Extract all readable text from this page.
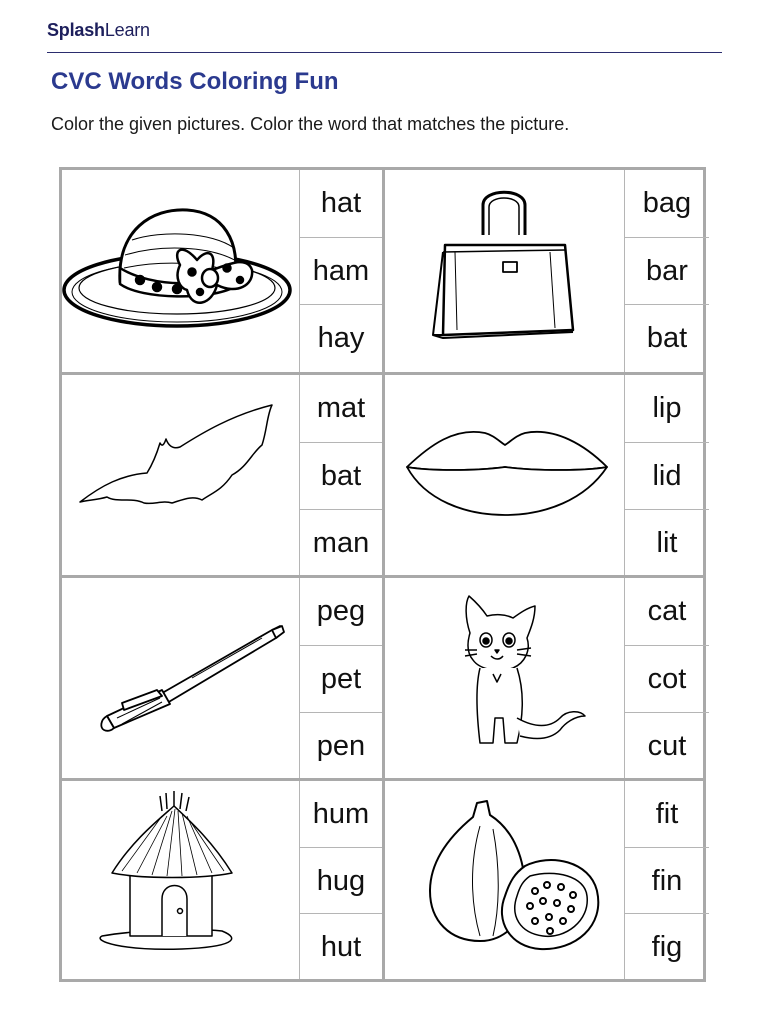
SplashLearn
CVC Words Coloring Fun
Color the given pictures. Color the word that matches the picture.
hat
ham
hay
bag
bar
bat
mat
bat
man
lip
lid
lit
peg
pet
pen
cat
cot
cut
hum
hug
hut
fit
fin
fig
